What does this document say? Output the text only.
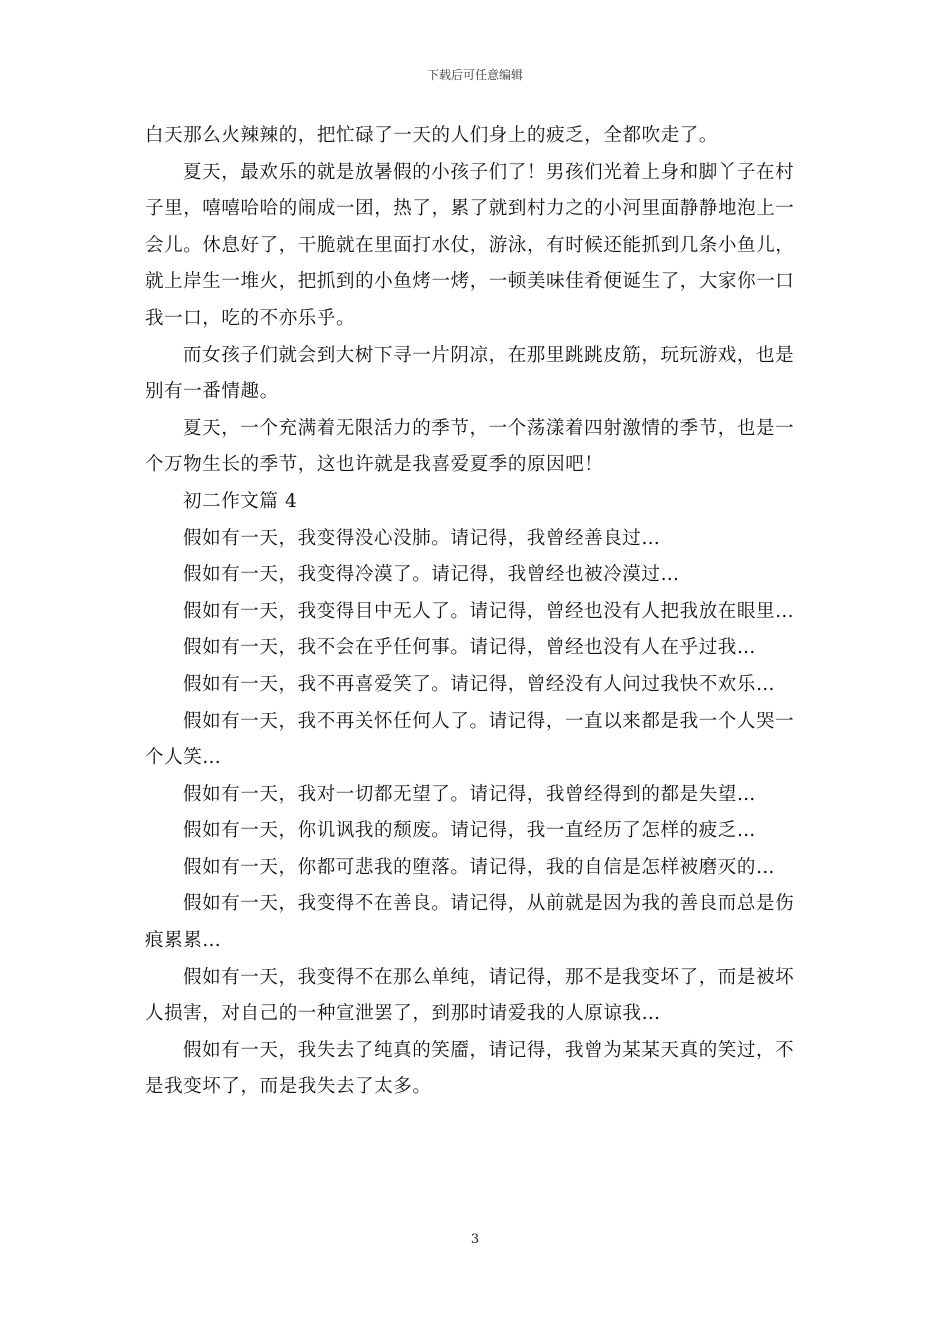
下载后可任意编辑

白天那么火辣辣的，把忙碌了一天的人们身上的疲乏，全都吹走了。

夏天，最欢乐的就是放暑假的小孩子们了！男孩们光着上身和脚丫子在村子里，嘻嘻哈哈的闹成一团，热了，累了就到村力之的小河里面静静地泡上一会儿。休息好了，干脆就在里面打水仗，游泳，有时候还能抓到几条小鱼儿，就上岸生一堆火，把抓到的小鱼烤一烤，一顿美味佳肴便诞生了，大家你一口我一口，吃的不亦乐乎。

而女孩子们就会到大树下寻一片阴凉，在那里跳跳皮筋，玩玩游戏，也是别有一番情趣。

夏天，一个充满着无限活力的季节，一个荡漾着四射激情的季节，也是一个万物生长的季节，这也许就是我喜爱夏季的原因吧！

初二作文篇 4

假如有一天，我变得没心没肺。请记得，我曾经善良过…

假如有一天，我变得冷漠了。请记得，我曾经也被冷漠过…

假如有一天，我变得目中无人了。请记得，曾经也没有人把我放在眼里…

假如有一天，我不会在乎任何事。请记得，曾经也没有人在乎过我…

假如有一天，我不再喜爱笑了。请记得，曾经没有人问过我快不欢乐…

假如有一天，我不再关怀任何人了。请记得，一直以来都是我一个人哭一个人笑…

假如有一天，我对一切都无望了。请记得，我曾经得到的都是失望…

假如有一天，你讥讽我的颓废。请记得，我一直经历了怎样的疲乏…

假如有一天，你都可悲我的堕落。请记得，我的自信是怎样被磨灭的…

假如有一天，我变得不在善良。请记得，从前就是因为我的善良而总是伤痕累累…

假如有一天，我变得不在那么单纯，请记得，那不是我变坏了，而是被坏人损害，对自己的一种宣泄罢了，到那时请爱我的人原谅我…

假如有一天，我失去了纯真的笑靥，请记得，我曾为某某天真的笑过，不是我变坏了，而是我失去了太多。

3
